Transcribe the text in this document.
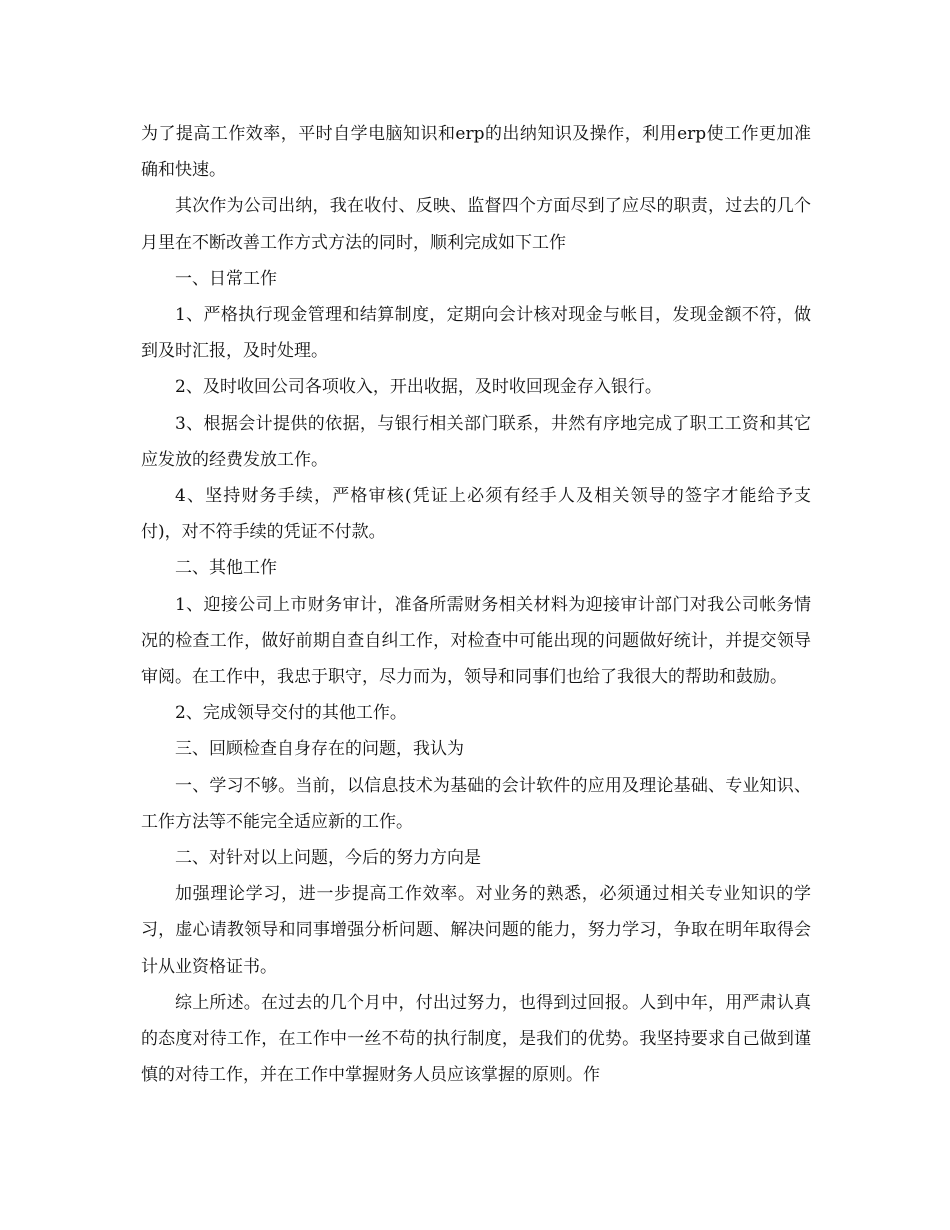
为了提高工作效率，平时自学电脑知识和erp的出纳知识及操作，利用erp使工作更加准确和快速。

其次作为公司出纳，我在收付、反映、监督四个方面尽到了应尽的职责，过去的几个月里在不断改善工作方式方法的同时，顺利完成如下工作

一、日常工作

1、严格执行现金管理和结算制度，定期向会计核对现金与帐目，发现金额不符，做到及时汇报，及时处理。

2、及时收回公司各项收入，开出收据，及时收回现金存入银行。

3、根据会计提供的依据，与银行相关部门联系，井然有序地完成了职工工资和其它应发放的经费发放工作。

4、坚持财务手续，严格审核(凭证上必须有经手人及相关领导的签字才能给予支付)，对不符手续的凭证不付款。

二、其他工作

1、迎接公司上市财务审计，准备所需财务相关材料为迎接审计部门对我公司帐务情况的检查工作，做好前期自查自纠工作，对检查中可能出现的问题做好统计，并提交领导审阅。在工作中，我忠于职守，尽力而为，领导和同事们也给了我很大的帮助和鼓励。

2、完成领导交付的其他工作。

三、回顾检查自身存在的问题，我认为

一、学习不够。当前，以信息技术为基础的会计软件的应用及理论基础、专业知识、工作方法等不能完全适应新的工作。

二、对针对以上问题，今后的努力方向是

加强理论学习，进一步提高工作效率。对业务的熟悉，必须通过相关专业知识的学习，虚心请教领导和同事增强分析问题、解决问题的能力，努力学习，争取在明年取得会计从业资格证书。

综上所述。在过去的几个月中，付出过努力，也得到过回报。人到中年，用严肃认真的态度对待工作，在工作中一丝不苟的执行制度，是我们的优势。我坚持要求自己做到谨慎的对待工作，并在工作中掌握财务人员应该掌握的原则。作
